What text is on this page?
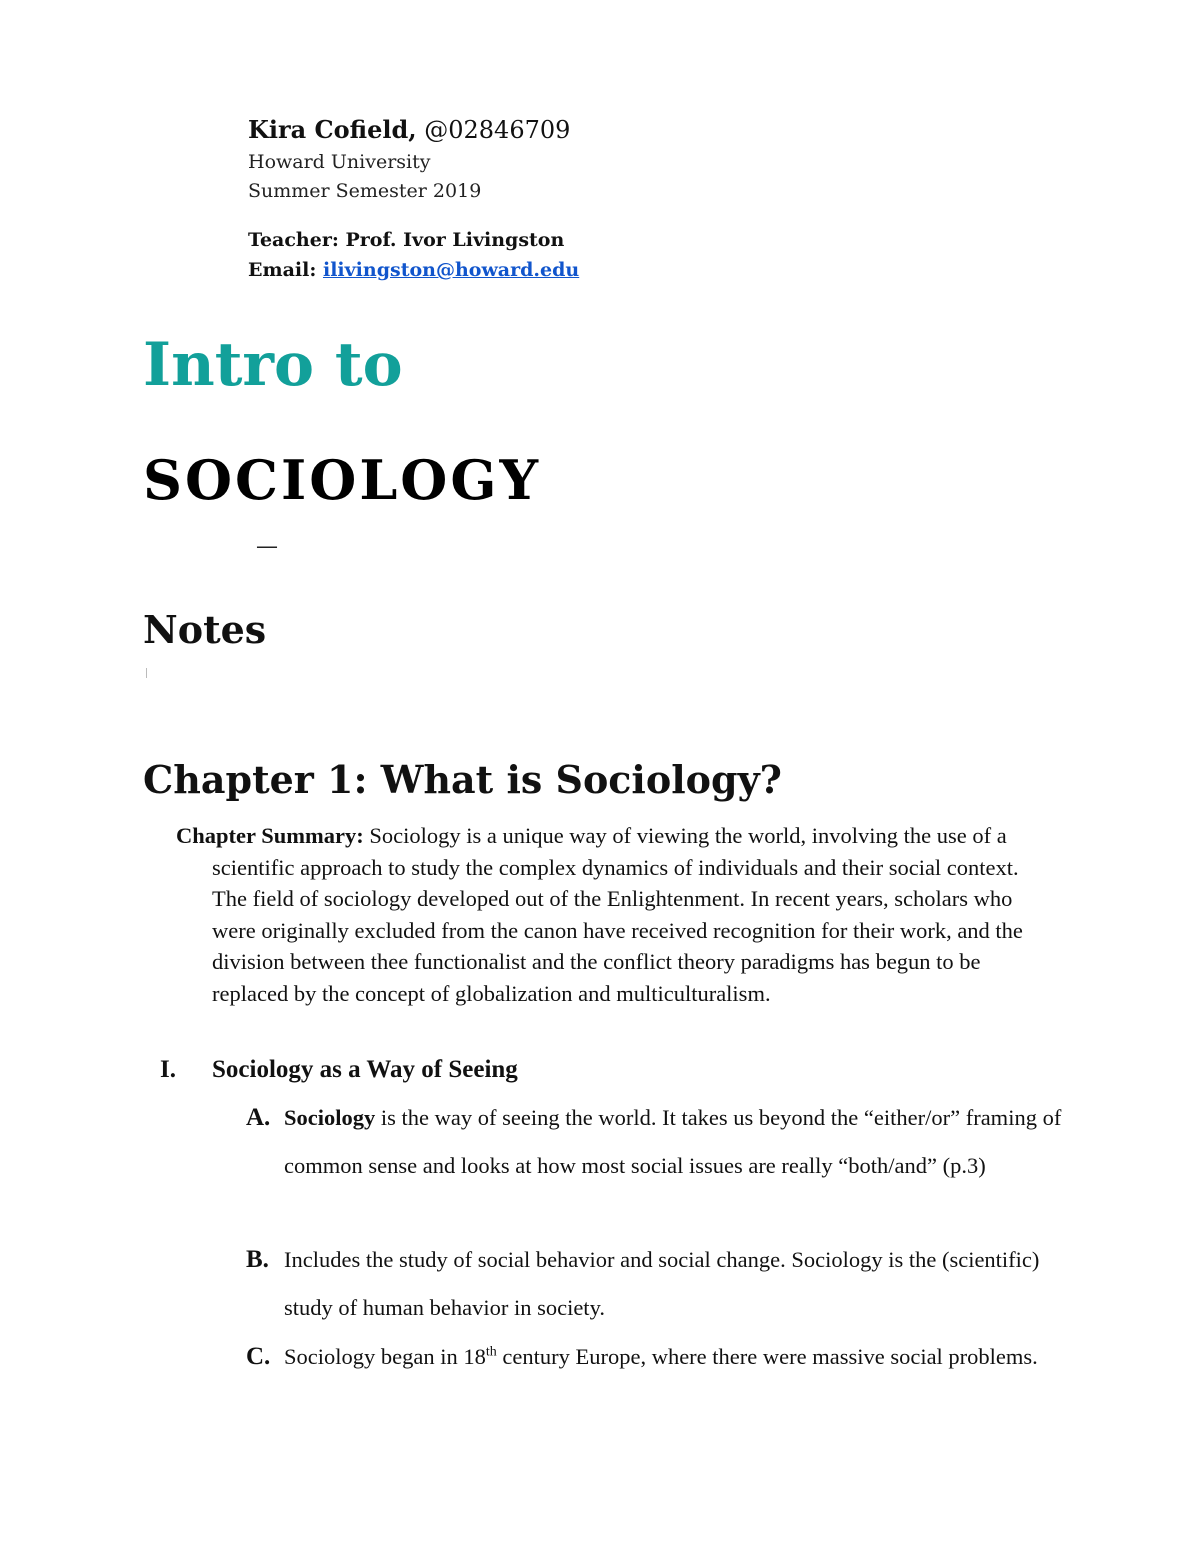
Kira Cofield, @02846709
Howard University
Summer Semester 2019
Teacher: Prof. Ivor Livingston
Email: ilivingston@howard.edu
Intro to
SOCIOLOGY
—
Notes
Chapter 1: What is Sociology?
Chapter Summary: Sociology is a unique way of viewing the world, involving the use of a scientific approach to study the complex dynamics of individuals and their social context. The field of sociology developed out of the Enlightenment. In recent years, scholars who were originally excluded from the canon have received recognition for their work, and the division between thee functionalist and the conflict theory paradigms has begun to be replaced by the concept of globalization and multiculturalism.
I. Sociology as a Way of Seeing
A. Sociology is the way of seeing the world. It takes us beyond the “either/or” framing of common sense and looks at how most social issues are really “both/and” (p.3)
B. Includes the study of social behavior and social change. Sociology is the (scientific) study of human behavior in society.
C. Sociology began in 18th century Europe, where there were massive social problems.
